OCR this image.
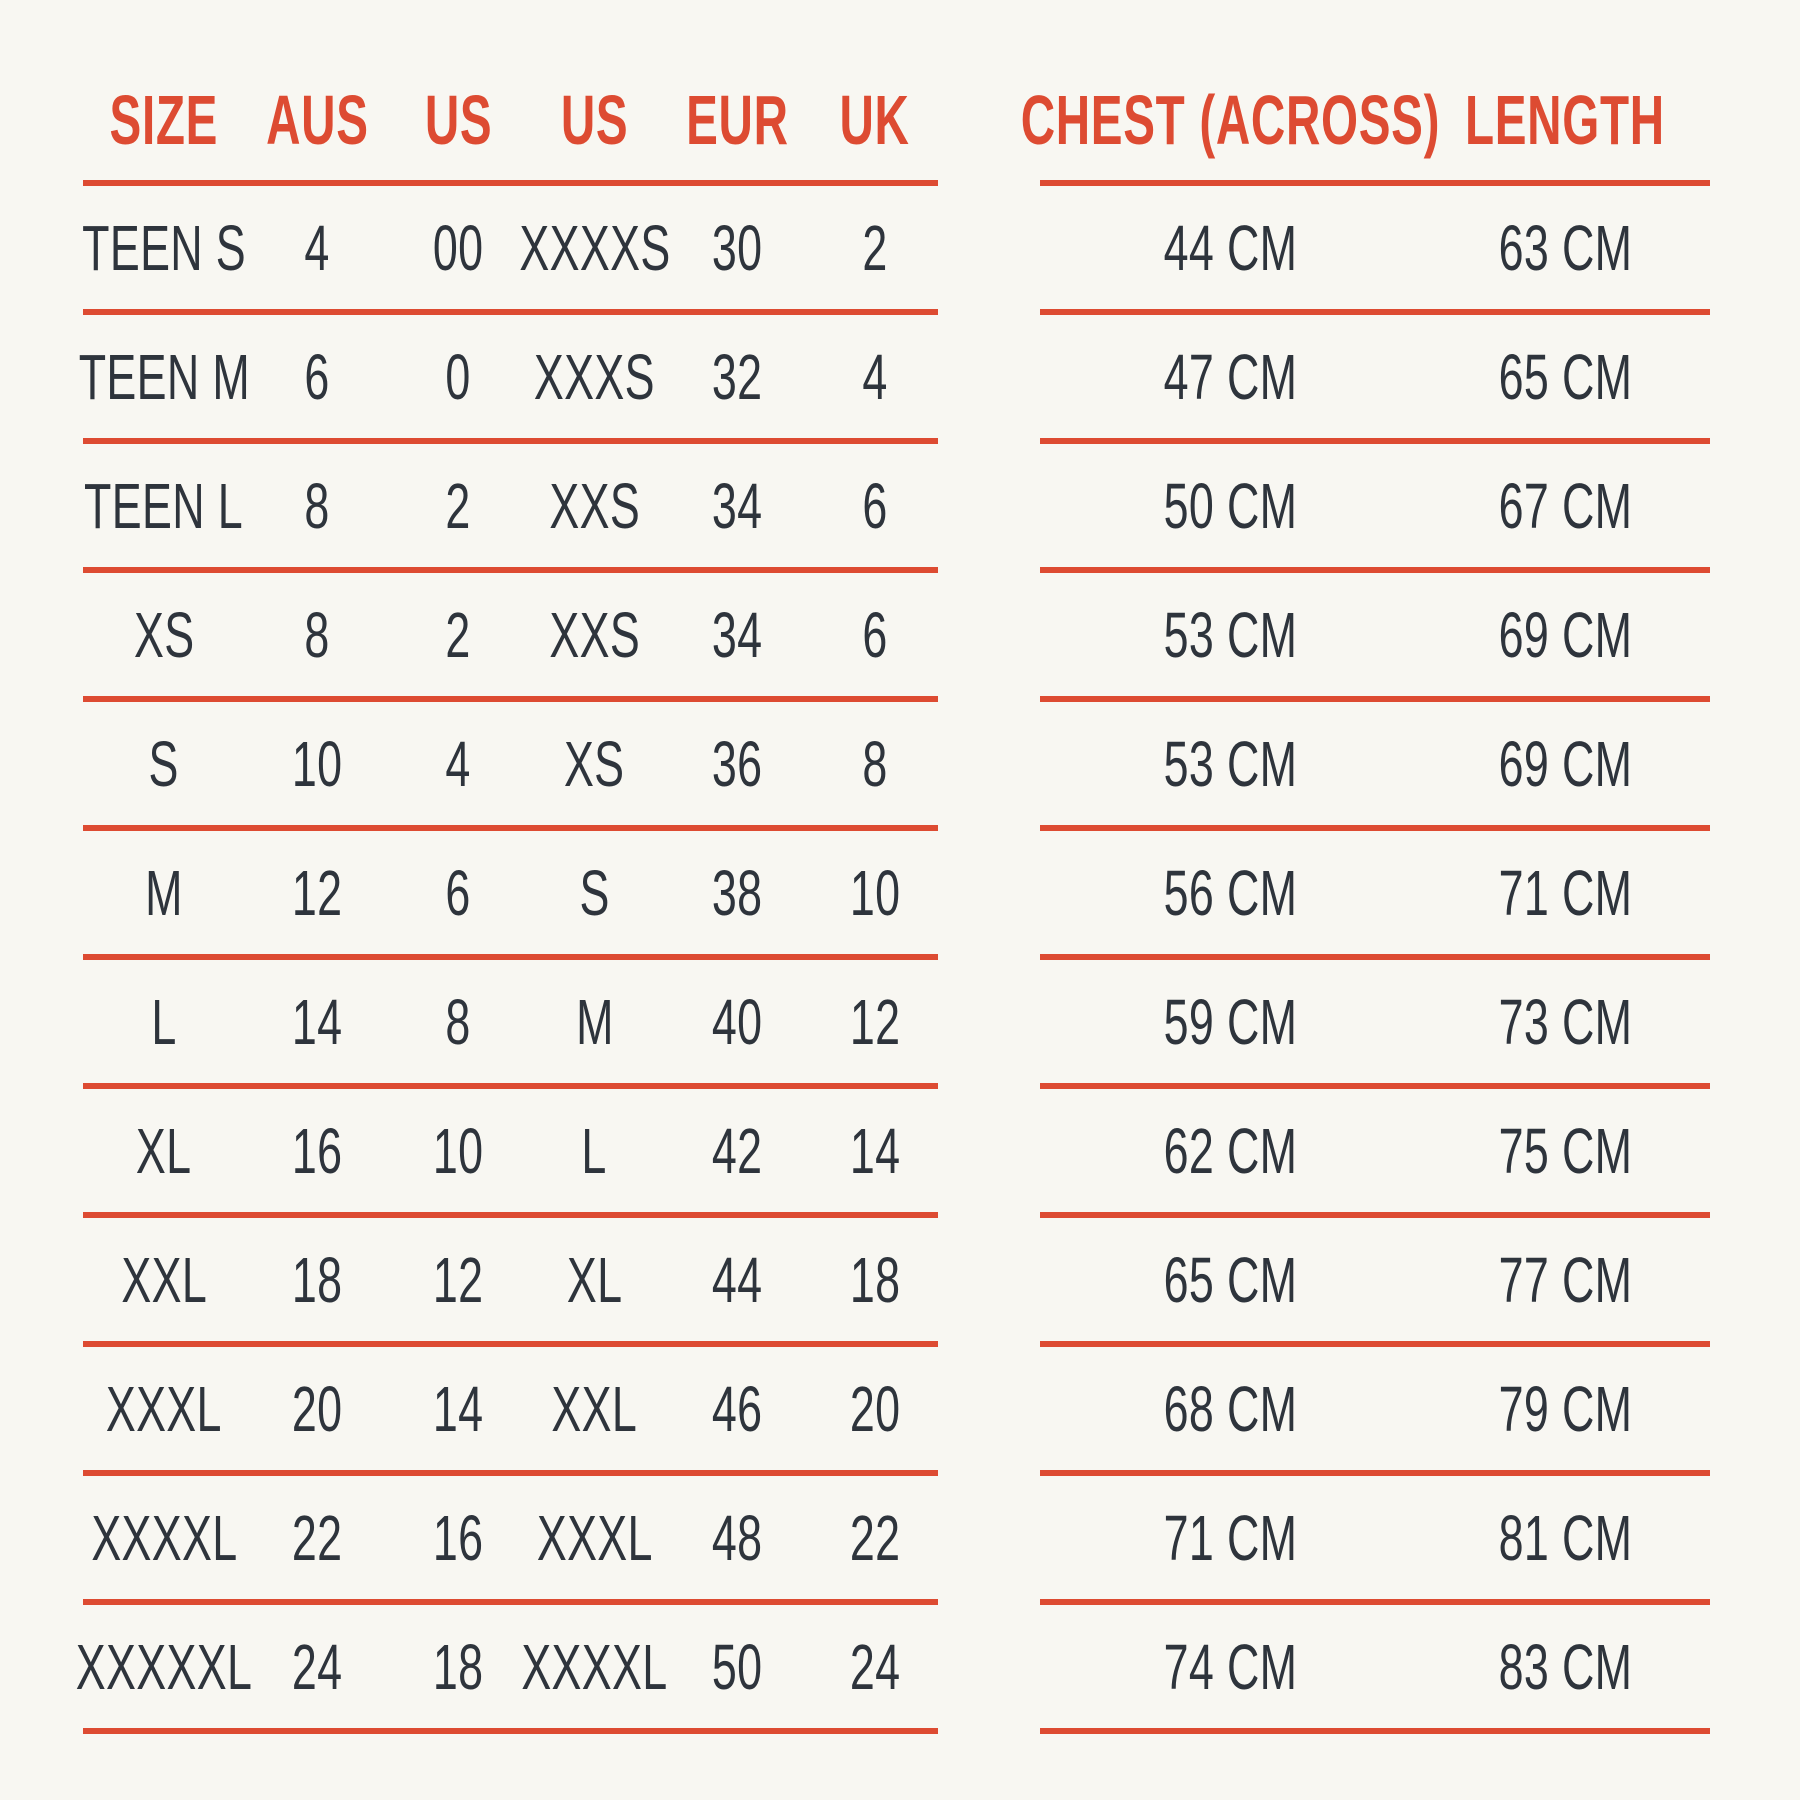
SIZE AUS US US EUR UK
TEEN S 4 00 XXXXS 30 2
TEEN M 6 0 XXXS 32 4
TEEN L 8 2 XXS 34 6
XS 8 2 XXS 34 6
S 10 4 XS 36 8
M 12 6 S 38 10
L 14 8 M 40 12
XL 16 10 L 42 14
XXL 18 12 XL 44 18
XXXL 20 14 XXL 46 20
XXXXL 22 16 XXXL 48 22
XXXXXL 24 18 XXXXL 50 24
CHEST (ACROSS) LENGTH
44 CM	63 CM
47 CM	65 CM
50 CM	67 CM
53 CM	69 CM
53 CM	69 CM
56 CM	71 CM
59 CM	73 CM
62 CM	75 CM
65 CM	77 CM
68 CM	79 CM
71 CM	81 CM
74 CM	83 CM
